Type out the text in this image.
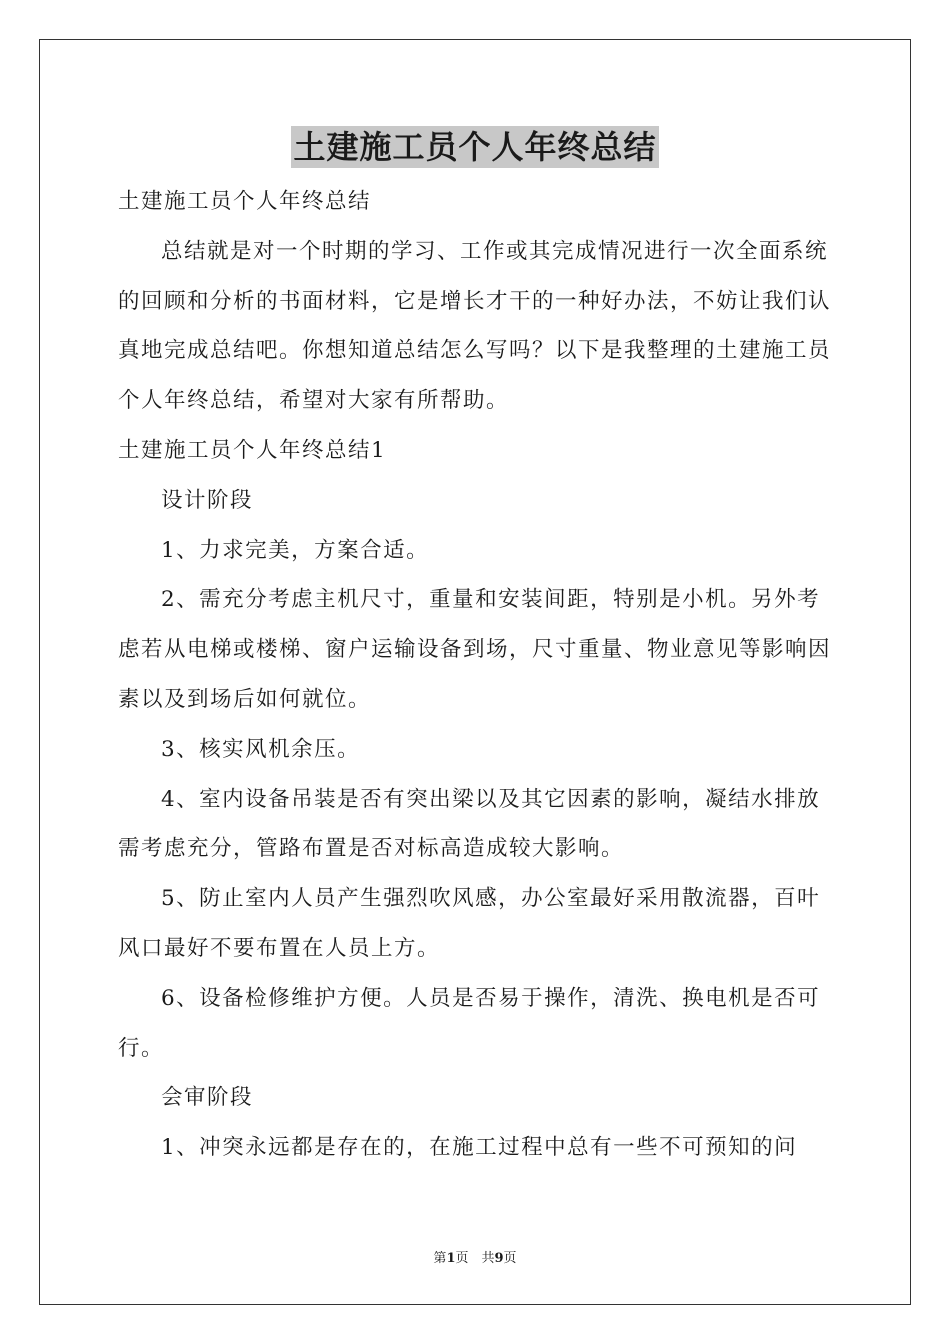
土建施工员个人年终总结

土建施工员个人年终总结

总结就是对一个时期的学习、工作或其完成情况进行一次全面系统的回顾和分析的书面材料，它是增长才干的一种好办法，不妨让我们认真地完成总结吧。你想知道总结怎么写吗？以下是我整理的土建施工员个人年终总结，希望对大家有所帮助。

土建施工员个人年终总结1

设计阶段

1、力求完美，方案合适。

2、需充分考虑主机尺寸，重量和安装间距，特别是小机。另外考虑若从电梯或楼梯、窗户运输设备到场，尺寸重量、物业意见等影响因素以及到场后如何就位。

3、核实风机余压。

4、室内设备吊装是否有突出梁以及其它因素的影响，凝结水排放需考虑充分，管路布置是否对标高造成较大影响。

5、防止室内人员产生强烈吹风感，办公室最好采用散流器，百叶风口最好不要布置在人员上方。

6、设备检修维护方便。人员是否易于操作，清洗、换电机是否可行。

会审阶段

1、冲突永远都是存在的，在施工过程中总有一些不可预知的问

第1页　共9页
